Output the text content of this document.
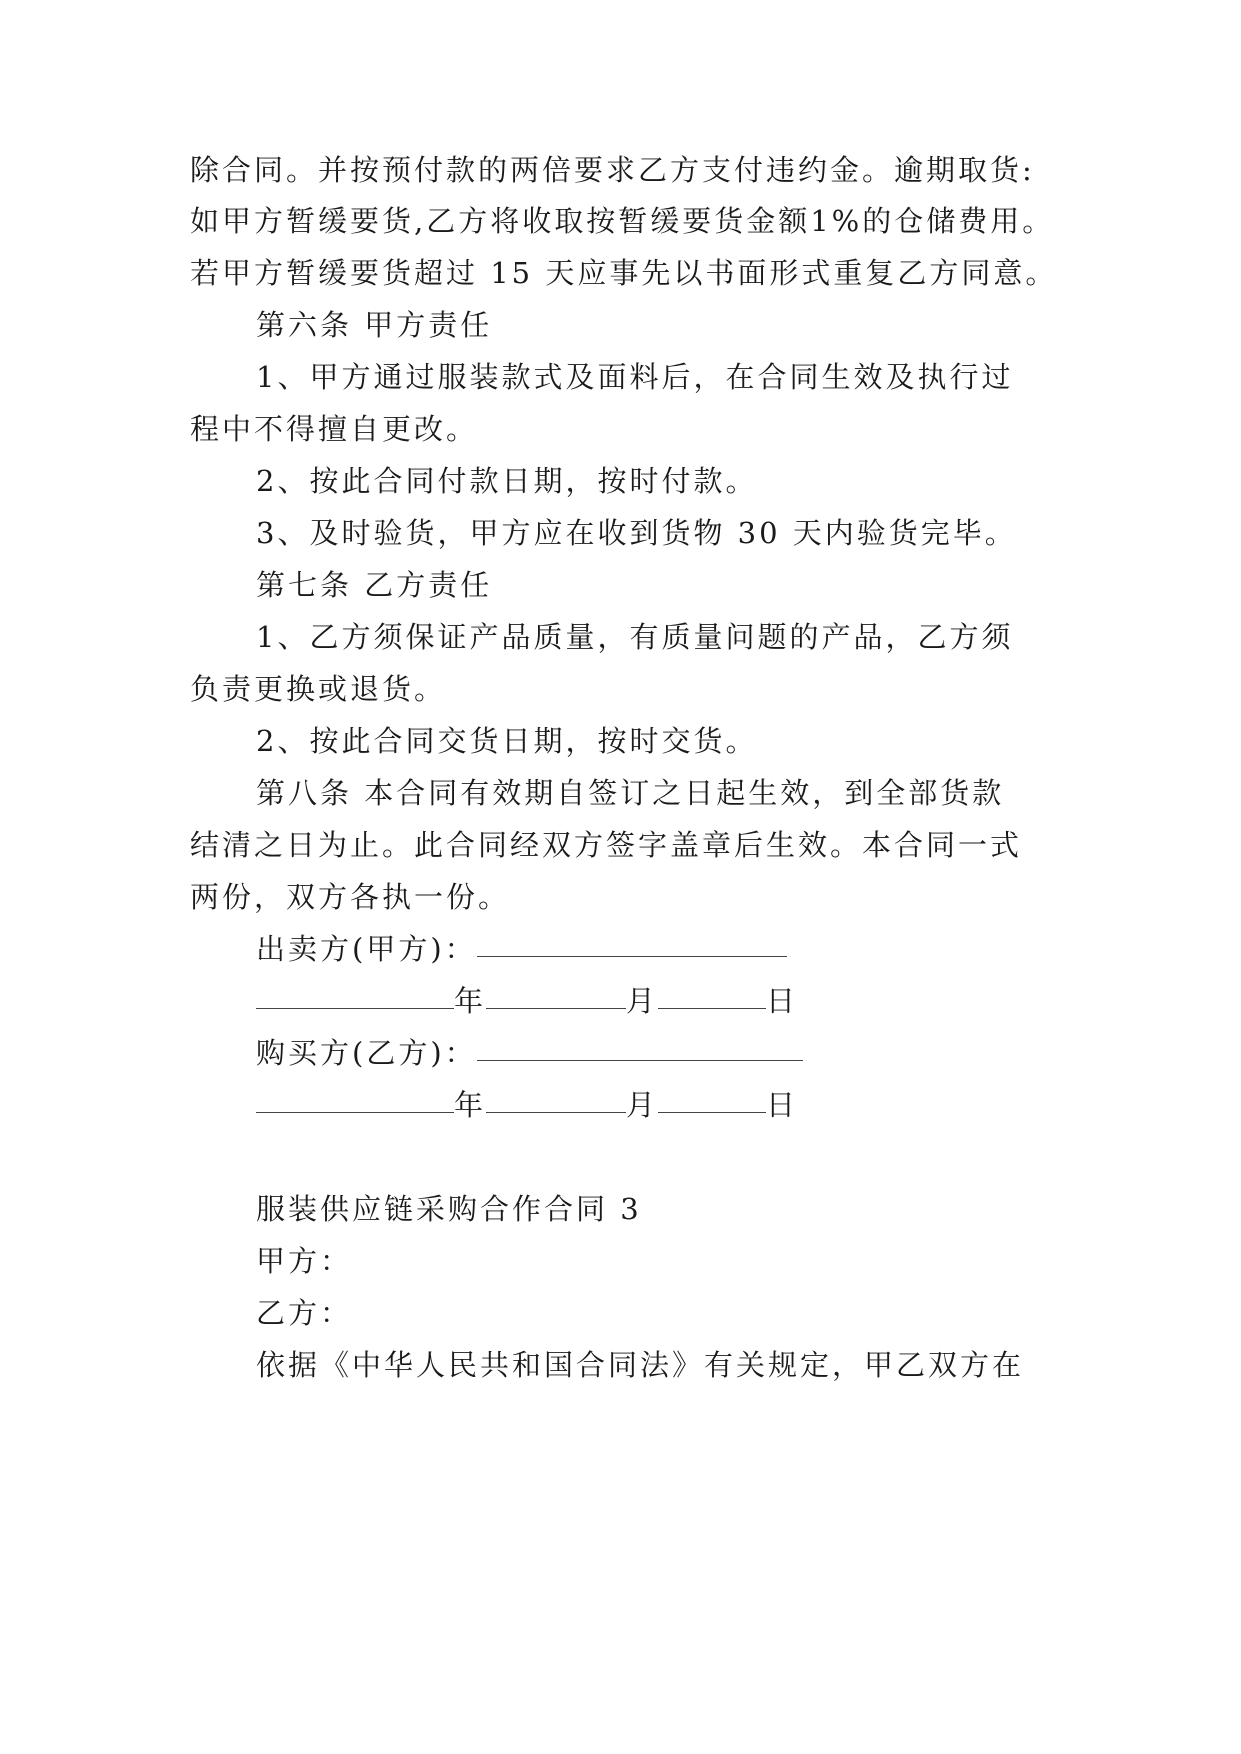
除合同。并按预付款的两倍要求乙方支付违约金。逾期取货:
如甲方暂缓要货,乙方将收取按暂缓要货金额1%的仓储费用。
若甲方暂缓要货超过 15 天应事先以书面形式重复乙方同意。
第六条 甲方责任
1、甲方通过服装款式及面料后，在合同生效及执行过
程中不得擅自更改。
2、按此合同付款日期，按时付款。
3、及时验货，甲方应在收到货物 30 天内验货完毕。
第七条 乙方责任
1、乙方须保证产品质量，有质量问题的产品，乙方须
负责更换或退货。
2、按此合同交货日期，按时交货。
第八条 本合同有效期自签订之日起生效，到全部货款
结清之日为止。此合同经双方签字盖章后生效。本合同一式
两份，双方各执一份。
出卖方(甲方)：
年	月	日
购买方(乙方)：
年	月	日
服装供应链采购合作合同 3
甲方：
乙方：
依据《中华人民共和国合同法》有关规定，甲乙双方在
